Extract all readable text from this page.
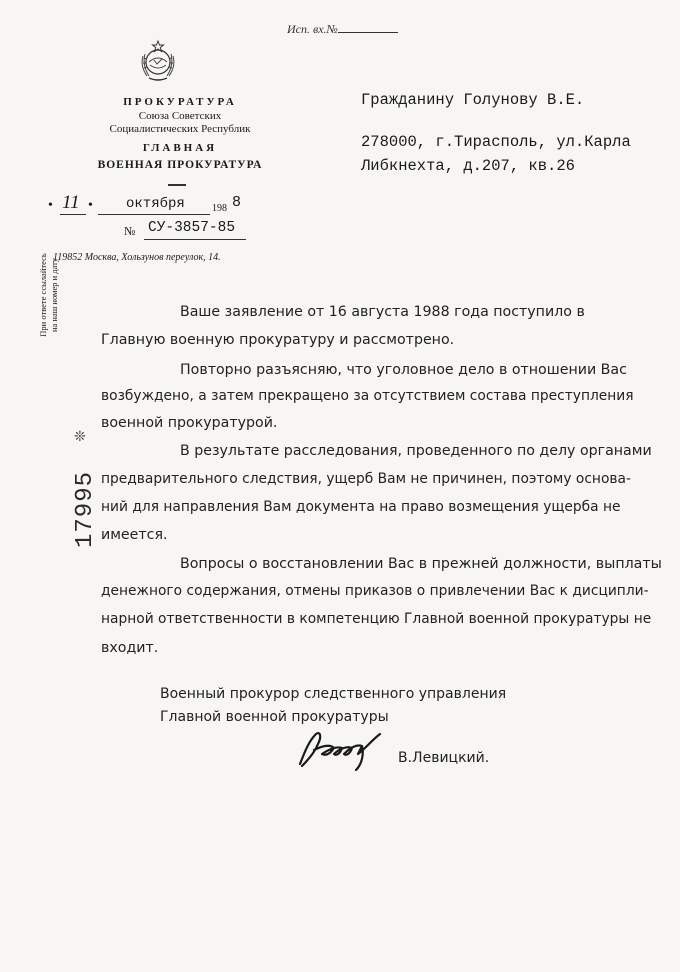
Исп. вх.№
ПРОКУРАТУРА
Союза Советских
Социалистических Республик
ГЛАВНАЯ
ВОЕННАЯ ПРОКУРАТУРА
• 11 • октября	198 8
№ СУ-3857-85
119852 Москва, Хользунов переулок, 14.
При ответе ссылайтесь на наш номер и дату
❊
17995
Гражданину Голунову В.Е.
278000, г.Тирасполь, ул.Карла
Либкнехта, д.207, кв.26
Ваше заявление от 16 августа 1988 года поступило в
Главную военную прокуратуру и рассмотрено.
Повторно разъясняю, что уголовное дело в отношении Вас
возбуждено, а затем прекращено за отсутствием состава преступления
военной прокуратурой.
В результате расследования, проведенного по делу органами
предварительного следствия, ущерб Вам не причинен, поэтому основа-
ний для направления Вам документа на право возмещения ущерба не
имеется.
Вопросы о восстановлении Вас в прежней должности, выплаты
денежного содержания, отмены приказов о привлечении Вас к дисципли-
нарной ответственности в компетенцию Главной военной прокуратуры не
входит.
Военный прокурор следственного управления
Главной военной прокуратуры
В.Левицкий.
